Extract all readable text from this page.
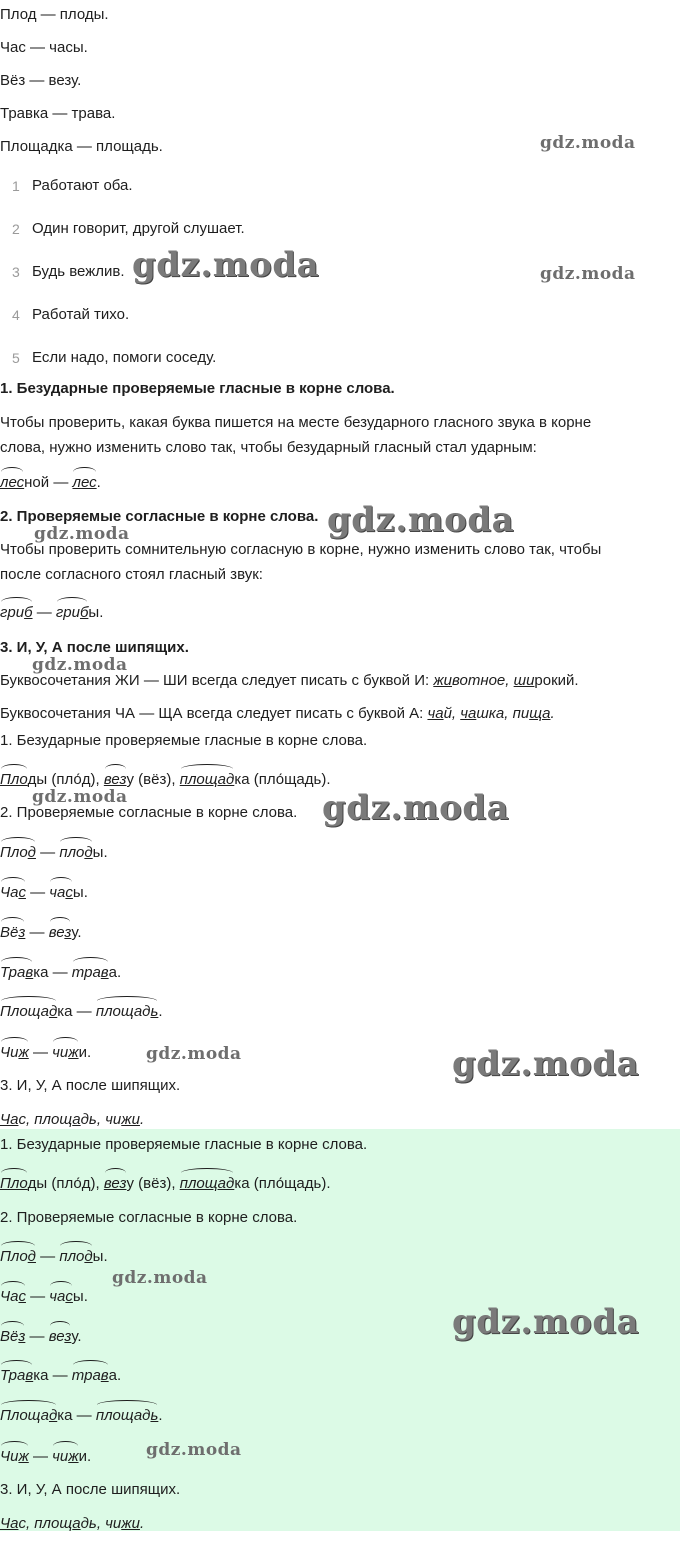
Плод — плоды.
Час — часы.
Вёз — везу.
Травка — трава.
Площадка — площадь.
1 Работают оба.
2 Один говорит, другой слушает.
3 Будь вежлив.
4 Работай тихо.
5 Если надо, помоги соседу.
1. Безударные проверяемые гласные в корне слова.
Чтобы проверить, какая буква пишется на месте безударного гласного звука в корне
слова, нужно изменить слово так, чтобы безударный гласный стал ударным:
лесной — лес.
2. Проверяемые согласные в корне слова.
Чтобы проверить сомнительную согласную в корне, нужно изменить слово так, чтобы
после согласного стоял гласный звук:
гриб — грибы.
3. И, У, А после шипящих.
Буквосочетания ЖИ — ШИ всегда следует писать с буквой И: животное, широкий.
Буквосочетания ЧА — ЩА всегда следует писать с буквой А: чай, чашка, пища.
1. Безударные проверяемые гласные в корне слова.
Плоды (пло́д), везу (вёз), площадка (пло́щадь).
2. Проверяемые согласные в корне слова.
Плод — плоды.
Час — часы.
Вёз — везу.
Травка — трава.
Площадка — площадь.
Чиж — чижи.
3. И, У, А после шипящих.
Час, площадь, чижи.
1. Безударные проверяемые гласные в корне слова.
Плоды (пло́д), везу (вёз), площадка (пло́щадь).
2. Проверяемые согласные в корне слова.
Плод — плоды.
Час — часы.
Вёз — везу.
Травка — трава.
Площадка — площадь.
Чиж — чижи.
3. И, У, А после шипящих.
Час, площадь, чижи.
gdz.moda
gdz.moda	gdz.moda
gdz.moda
gdz.moda
gdz.moda
gdz.moda	gdz.moda
gdz.moda	gdz.moda
gdz.moda
gdz.moda
gdz.moda
